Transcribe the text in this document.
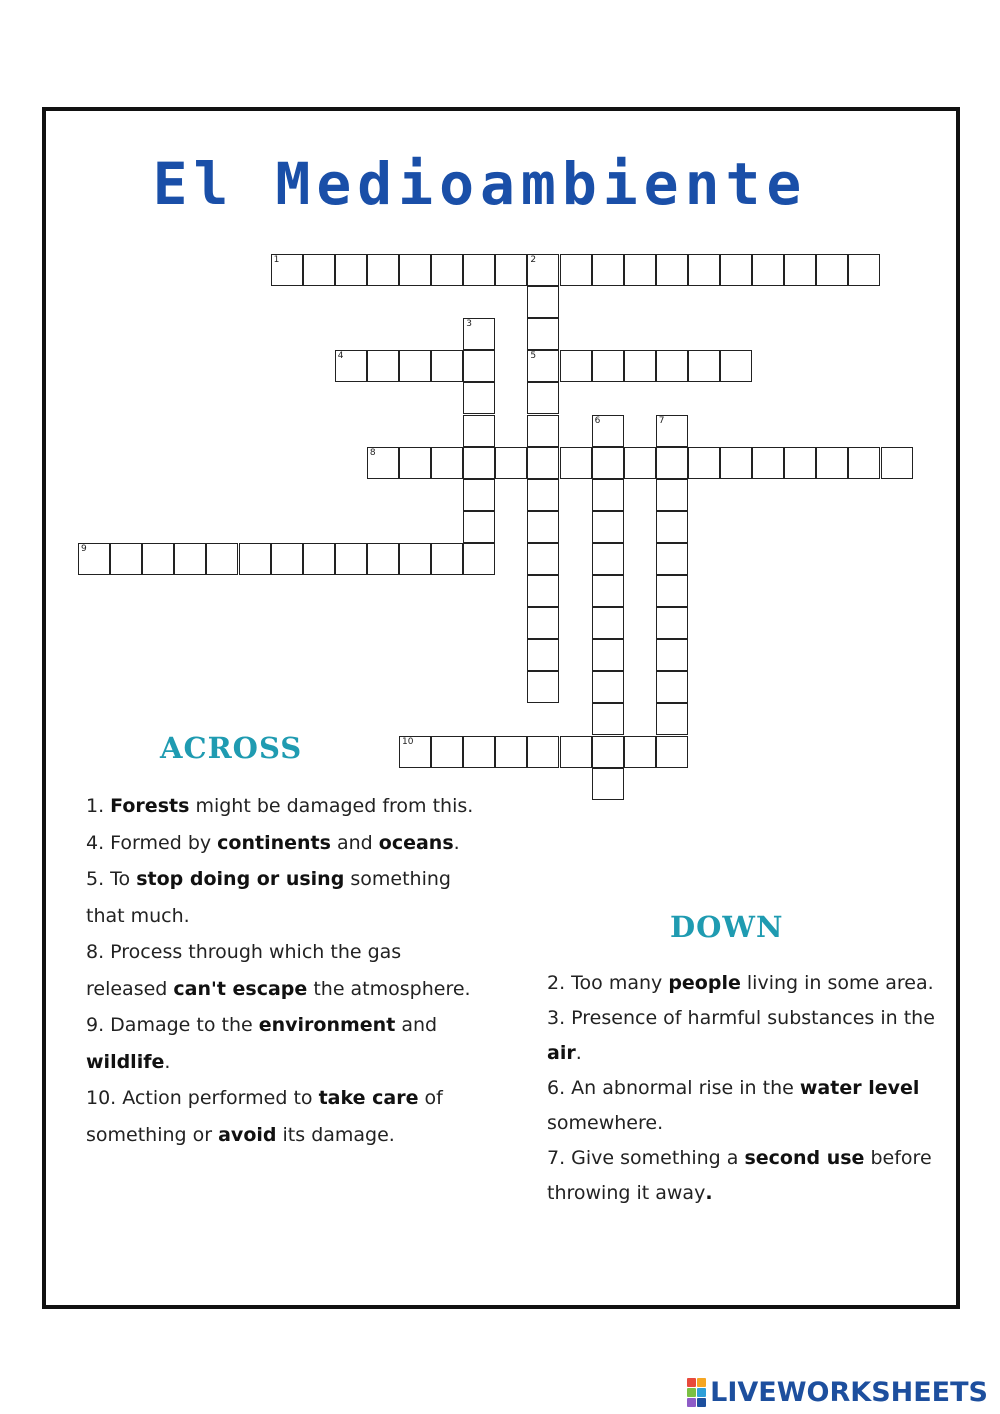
El Medioambiente
1	2
5
3
4
6	7
8
9
10
ACROSS
DOWN
1. Forests might be damaged from this.
4. Formed by continents and oceans.
5. To stop doing or using something that much.
8. Process through which the gas released can't escape the atmosphere.
9. Damage to the environment and wildlife.
10. Action performed to take care of something or avoid its damage.
2. Too many people living in some area.
3. Presence of harmful substances in the air.
6. An abnormal rise in the water level somewhere.
7. Give something a second use before throwing it away.
LIVEWORKSHEETS
